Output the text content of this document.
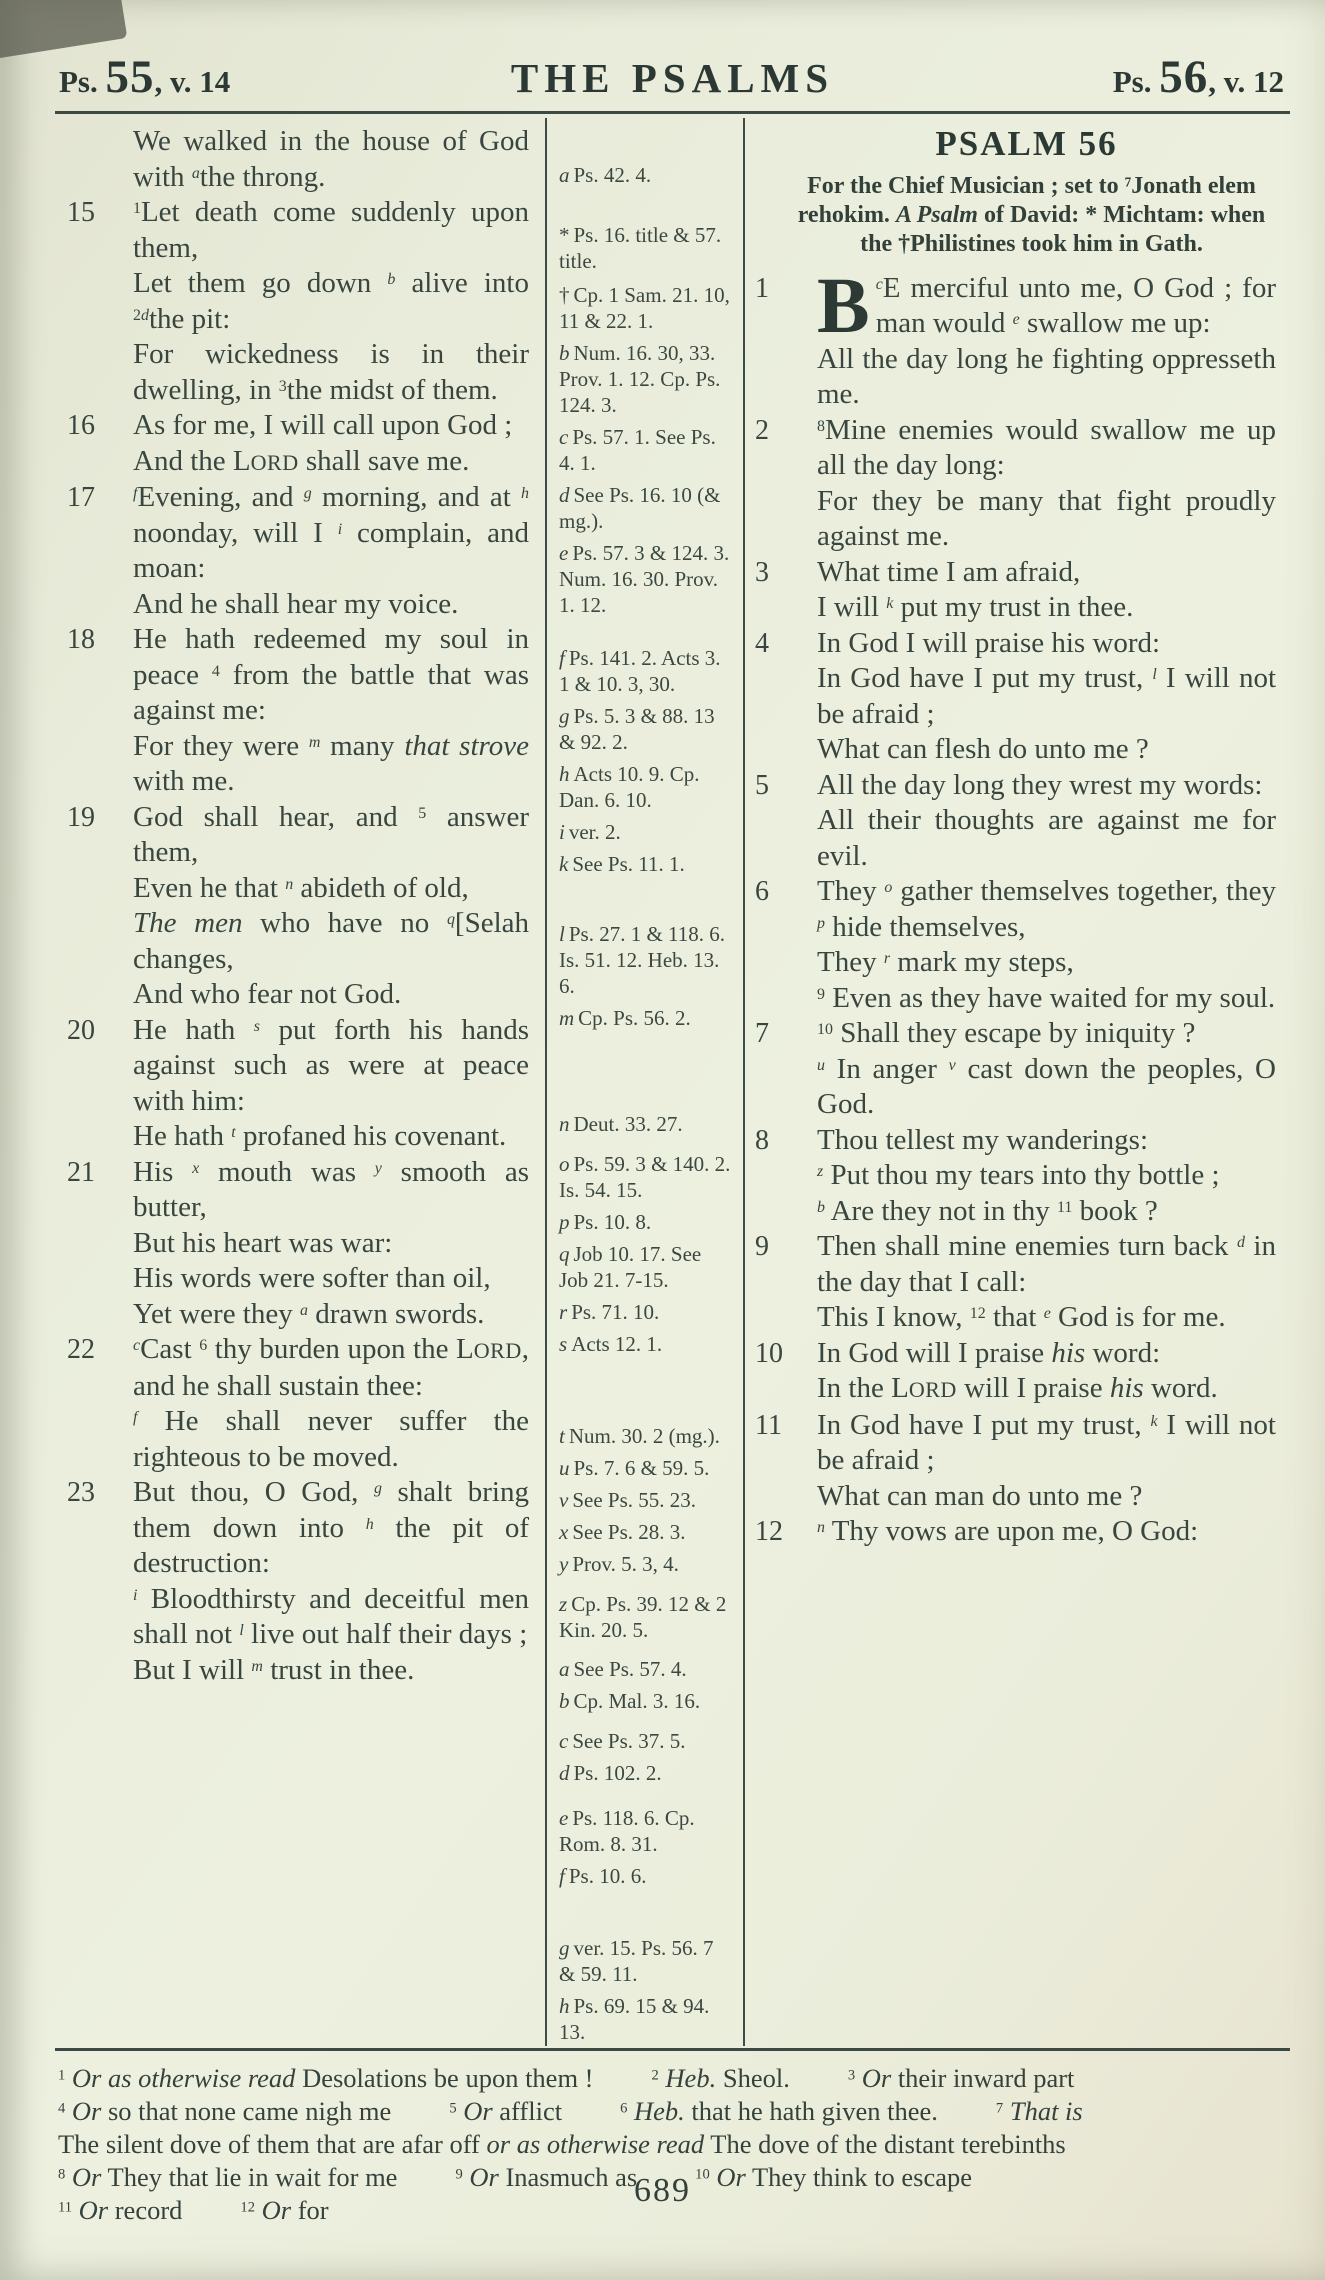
Ps. 55, v. 14	THE PSALMS	Ps. 56, v. 12
We walked in the house of God with $^a$the throng.
15	$^1$Let death come suddenly upon them,
Let them go down $^b$ alive into $^{2d}$the pit:
For wickedness is in their dwelling, in $^3$the midst of them.
16	As for me, I will call upon God ;
And the LORD shall save me.
17	$^f$Evening, and $^g$ morning, and at $^h$ noonday, will I $^i$ complain, and moan:
And he shall hear my voice.
18	He hath redeemed my soul in peace $^4$ from the battle that was against me:
For they were $^m$ many that strove with me.
19	God shall hear, and $^5$ answer them,
Even he that $^n$ abideth of old,
[Selah
The men who have no $^q$ changes,
And who fear not God.
20	He hath $^s$ put forth his hands against such as were at peace with him:
He hath $^t$ profaned his covenant.
21	His $^x$ mouth was $^y$ smooth as butter,
But his heart was war:
His words were softer than oil,
Yet were they $^a$ drawn swords.
22	$^c$Cast $^6$ thy burden upon the LORD, and he shall sustain thee:
$^f$ He shall never suffer the righteous to be moved.
23	But thou, O God, $^g$ shalt bring them down into $^h$ the pit of destruction:
$^i$ Bloodthirsty and deceitful men shall not $^l$ live out half their days ;
But I will $^m$ trust in thee.
a Ps. 42. 4.
* Ps. 16. title & 57. title.
† Cp. 1 Sam. 21. 10, 11 & 22. 1.
b Num. 16. 30, 33. Prov. 1. 12. Cp. Ps. 124. 3.
c Ps. 57. 1. See Ps. 4. 1.
d See Ps. 16. 10 (& mg.).
e Ps. 57. 3 & 124. 3. Num. 16. 30. Prov. 1. 12.
f Ps. 141. 2. Acts 3. 1 & 10. 3, 30.
g Ps. 5. 3 & 88. 13 & 92. 2.
h Acts 10. 9. Cp. Dan. 6. 10.
i ver. 2.
k See Ps. 11. 1.
l Ps. 27. 1 & 118. 6. Is. 51. 12. Heb. 13. 6.
m Cp. Ps. 56. 2.
n Deut. 33. 27.
o Ps. 59. 3 & 140. 2. Is. 54. 15.
p Ps. 10. 8.
q Job 10. 17. See Job 21. 7-15.
r Ps. 71. 10.
s Acts 12. 1.
t Num. 30. 2 (mg.).
u Ps. 7. 6 & 59. 5.
v See Ps. 55. 23.
x See Ps. 28. 3.
y Prov. 5. 3, 4.
z Cp. Ps. 39. 12 & 2 Kin. 20. 5.
a See Ps. 57. 4.
b Cp. Mal. 3. 16.
c See Ps. 37. 5.
d Ps. 102. 2.
e Ps. 118. 6. Cp. Rom. 8. 31.
f Ps. 10. 6.
g ver. 15. Ps. 56. 7 & 59. 11.
h Ps. 69. 15 & 94. 13.
PSALM 56
For the Chief Musician ; set to $^7$Jonath elem rehokim. A Psalm of David: * Michtam: when the †Philistines took him in Gath.
1	$^c$
B E merciful unto me, O God ; for man would $^e$ swallow me up:
All the day long he fighting oppresseth me.
2	$^8$Mine enemies would swallow me up all the day long:
For they be many that fight proudly against me.
3	What time I am afraid,
I will $^k$ put my trust in thee.
4	In God I will praise his word:
In God have I put my trust, $^l$ I will not be afraid ;
What can flesh do unto me ?
5	All the day long they wrest my words:
All their thoughts are against me for evil.
6	They $^o$ gather themselves together, they $^p$ hide themselves,
They $^r$ mark my steps,
$^9$ Even as they have waited for my soul.
7	$^{10}$ Shall they escape by iniquity ?
$^u$ In anger $^v$ cast down the peoples, O God.
8	Thou tellest my wanderings:
$^z$ Put thou my tears into thy bottle ;
$^b$ Are they not in thy $^{11}$ book ?
9	Then shall mine enemies turn back $^d$ in the day that I call:
This I know, $^{12}$ that $^e$ God is for me.
10	In God will I praise his word:
In the LORD will I praise his word.
11	In God have I put my trust, $^k$ I will not be afraid ;
What can man do unto me ?
12	$^n$ Thy vows are upon me, O God:
$^1$ Or as otherwise read Desolations be upon them !	$^2$ Heb. Sheol.	$^3$ Or their inward part
$^4$ Or so that none came nigh me	$^5$ Or afflict	$^6$ Heb. that he hath given thee.	$^7$ That is
The silent dove of them that are afar off or as otherwise read The dove of the distant terebinths
$^8$ Or They that lie in wait for me	$^9$ Or Inasmuch as	$^{10}$ Or They think to escape
$^{11}$ Or record	$^{12}$ Or for
689
